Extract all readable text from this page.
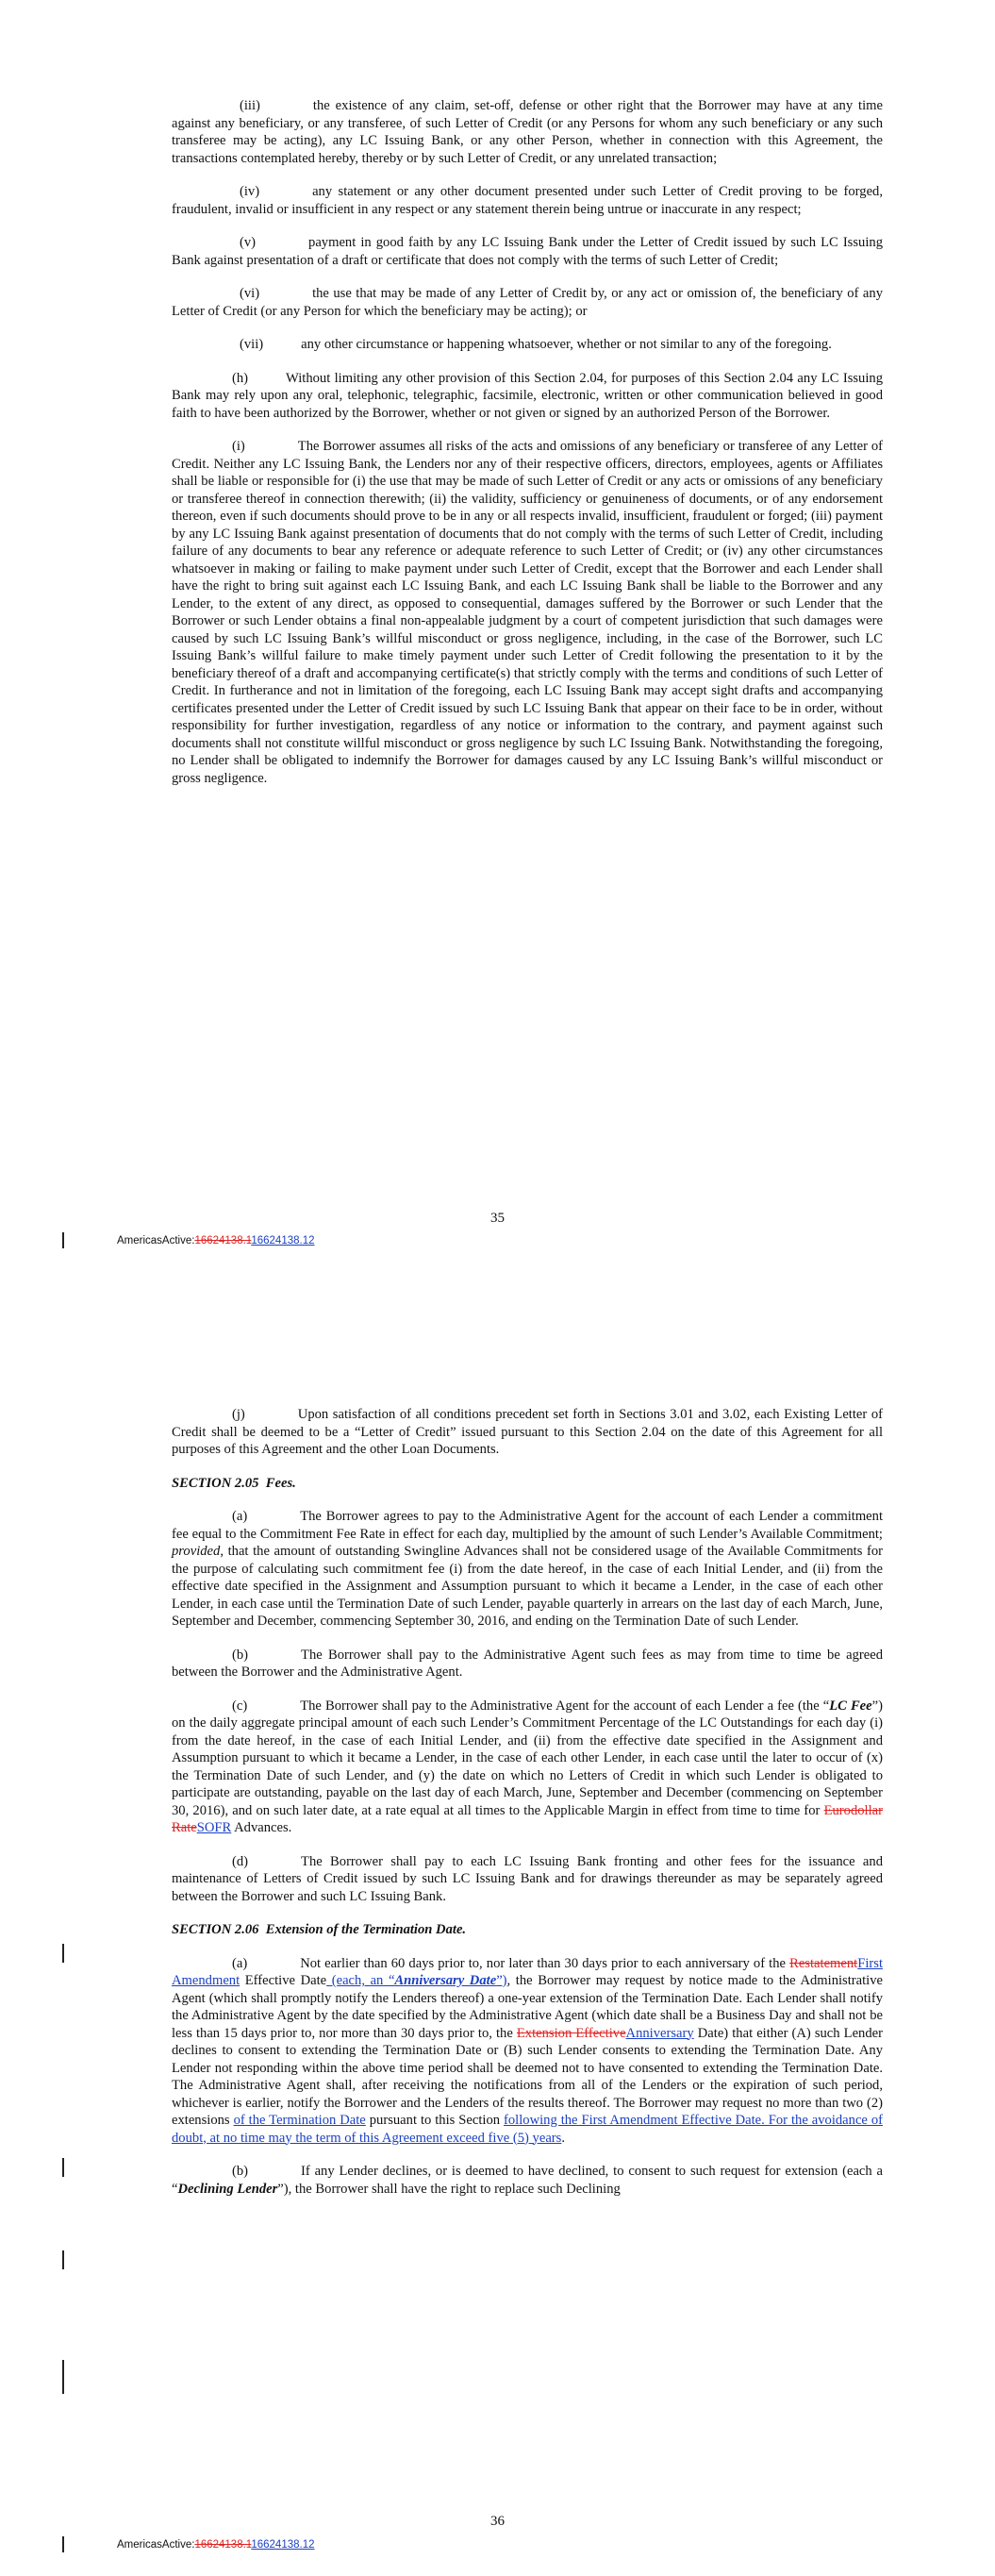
(iii)	the existence of any claim, set-off, defense or other right that the Borrower may have at any time against any beneficiary, or any transferee, of such Letter of Credit (or any Persons for whom any such beneficiary or any such transferee may be acting), any LC Issuing Bank, or any other Person, whether in connection with this Agreement, the transactions contemplated hereby, thereby or by such Letter of Credit, or any unrelated transaction;

(iv)	any statement or any other document presented under such Letter of Credit proving to be forged, fraudulent, invalid or insufficient in any respect or any statement therein being untrue or inaccurate in any respect;

(v)	payment in good faith by any LC Issuing Bank under the Letter of Credit issued by such LC Issuing Bank against presentation of a draft or certificate that does not comply with the terms of such Letter of Credit;

(vi)	the use that may be made of any Letter of Credit by, or any act or omission of, the beneficiary of any Letter of Credit (or any Person for which the beneficiary may be acting); or

(vii)	any other circumstance or happening whatsoever, whether or not similar to any of the foregoing.

(h)	Without limiting any other provision of this Section 2.04, for purposes of this Section 2.04 any LC Issuing Bank may rely upon any oral, telephonic, telegraphic, facsimile, electronic, written or other communication believed in good faith to have been authorized by the Borrower, whether or not given or signed by an authorized Person of the Borrower.

(i)	The Borrower assumes all risks of the acts and omissions of any beneficiary or transferee of any Letter of Credit. Neither any LC Issuing Bank, the Lenders nor any of their respective officers, directors, employees, agents or Affiliates shall be liable or responsible for (i) the use that may be made of such Letter of Credit or any acts or omissions of any beneficiary or transferee thereof in connection therewith; (ii) the validity, sufficiency or genuineness of documents, or of any endorsement thereon, even if such documents should prove to be in any or all respects invalid, insufficient, fraudulent or forged; (iii) payment by any LC Issuing Bank against presentation of documents that do not comply with the terms of such Letter of Credit, including failure of any documents to bear any reference or adequate reference to such Letter of Credit; or (iv) any other circumstances whatsoever in making or failing to make payment under such Letter of Credit, except that the Borrower and each Lender shall have the right to bring suit against each LC Issuing Bank, and each LC Issuing Bank shall be liable to the Borrower and any Lender, to the extent of any direct, as opposed to consequential, damages suffered by the Borrower or such Lender that the Borrower or such Lender obtains a final non-appealable judgment by a court of competent jurisdiction that such damages were caused by such LC Issuing Bank’s willful misconduct or gross negligence, including, in the case of the Borrower, such LC Issuing Bank’s willful failure to make timely payment under such Letter of Credit following the presentation to it by the beneficiary thereof of a draft and accompanying certificate(s) that strictly comply with the terms and conditions of such Letter of Credit. In furtherance and not in limitation of the foregoing, each LC Issuing Bank may accept sight drafts and accompanying certificates presented under the Letter of Credit issued by such LC Issuing Bank that appear on their face to be in order, without responsibility for further investigation, regardless of any notice or information to the contrary, and payment against such documents shall not constitute willful misconduct or gross negligence by such LC Issuing Bank. Notwithstanding the foregoing, no Lender shall be obligated to indemnify the Borrower for damages caused by any LC Issuing Bank’s willful misconduct or gross negligence.

35
AmericasActive:16624138.116624138.12

(j)	Upon satisfaction of all conditions precedent set forth in Sections 3.01 and 3.02, each Existing Letter of Credit shall be deemed to be a “Letter of Credit” issued pursuant to this Section 2.04 on the date of this Agreement for all purposes of this Agreement and the other Loan Documents.

SECTION 2.05 Fees.

(a)	The Borrower agrees to pay to the Administrative Agent for the account of each Lender a commitment fee equal to the Commitment Fee Rate in effect for each day, multiplied by the amount of such Lender’s Available Commitment; provided, that the amount of outstanding Swingline Advances shall not be considered usage of the Available Commitments for the purpose of calculating such commitment fee (i) from the date hereof, in the case of each Initial Lender, and (ii) from the effective date specified in the Assignment and Assumption pursuant to which it became a Lender, in the case of each other Lender, in each case until the Termination Date of such Lender, payable quarterly in arrears on the last day of each March, June, September and December, commencing September 30, 2016, and ending on the Termination Date of such Lender.

(b)	The Borrower shall pay to the Administrative Agent such fees as may from time to time be agreed between the Borrower and the Administrative Agent.

(c)	The Borrower shall pay to the Administrative Agent for the account of each Lender a fee (the “LC Fee”) on the daily aggregate principal amount of each such Lender’s Commitment Percentage of the LC Outstandings for each day (i) from the date hereof, in the case of each Initial Lender, and (ii) from the effective date specified in the Assignment and Assumption pursuant to which it became a Lender, in the case of each other Lender, in each case until the later to occur of (x) the Termination Date of such Lender, and (y) the date on which no Letters of Credit in which such Lender is obligated to participate are outstanding, payable on the last day of each March, June, September and December (commencing on September 30, 2016), and on such later date, at a rate equal at all times to the Applicable Margin in effect from time to time for Eurodollar RateSOFR Advances.

(d)	The Borrower shall pay to each LC Issuing Bank fronting and other fees for the issuance and maintenance of Letters of Credit issued by such LC Issuing Bank and for drawings thereunder as may be separately agreed between the Borrower and such LC Issuing Bank.

SECTION 2.06 Extension of the Termination Date.

(a)	Not earlier than 60 days prior to, nor later than 30 days prior to each anniversary of the RestatementFirst Amendment Effective Date (each, an “Anniversary Date”), the Borrower may request by notice made to the Administrative Agent (which shall promptly notify the Lenders thereof) a one-year extension of the Termination Date. Each Lender shall notify the Administrative Agent by the date specified by the Administrative Agent (which date shall be a Business Day and shall not be less than 15 days prior to, nor more than 30 days prior to, the Extension EffectiveAnniversary Date) that either (A) such Lender declines to consent to extending the Termination Date or (B) such Lender consents to extending the Termination Date. Any Lender not responding within the above time period shall be deemed not to have consented to extending the Termination Date. The Administrative Agent shall, after receiving the notifications from all of the Lenders or the expiration of such period, whichever is earlier, notify the Borrower and the Lenders of the results thereof. The Borrower may request no more than two (2) extensions of the Termination Date pursuant to this Section following the First Amendment Effective Date. For the avoidance of doubt, at no time may the term of this Agreement exceed five (5) years.

(b)	If any Lender declines, or is deemed to have declined, to consent to such request for extension (each a “Declining Lender”), the Borrower shall have the right to replace such Declining

36
AmericasActive:16624138.116624138.12
